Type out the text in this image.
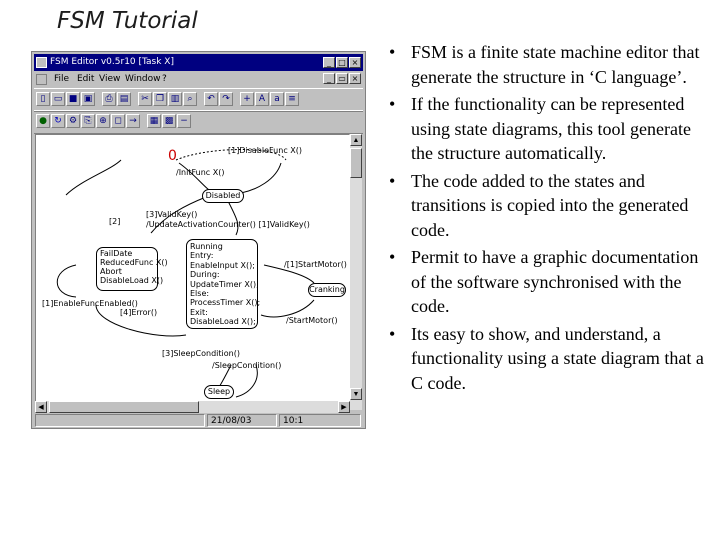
FSM Tutorial
FSM Editor v0.5r10 [Task X]	_ □ ×
File Edit View Window ?	_ ▭ ×
▯ ▭ ■ ▣	⎙ ▤	✂ ❐ ▥ ⌕	↶ ↷	+ A	a ≡
● ↻ ⚙ ⎘ ⊕ ◻ →	▦ ▩ −
0	[1]DisableFunc X()
/InitFunc X()
Disabled
[2]
[3]ValidKey()
/UpdateActivationCounter() [1]ValidKey()
FailDate
ReducedFunc X()
Abort
DisableLoad X()
[1]EnableFuncEnabled()
[4]Error()
Running
Entry:
EnableInput X();
During:
UpdateTimer X();
Else:
ProcessTimer X();
Exit:
DisableLoad X();
/[1]StartMotor()
Cranking
/StartMotor()
[3]SleepCondition()
/SleepCondition()
Sleep
▲
▼
◀	▶
21/08/03	10:1
• FSM is a finite state machine editor that generate the structure in ‘C language’.
• If the functionality can be represented using state diagrams, this tool generate the structure automatically.
• The code added to the states and transitions is copied into the generated code.
• Permit to have a graphic documentation of the software synchronised with the code.
• Its easy to show, and understand, a functionality using a state diagram that a C code.
